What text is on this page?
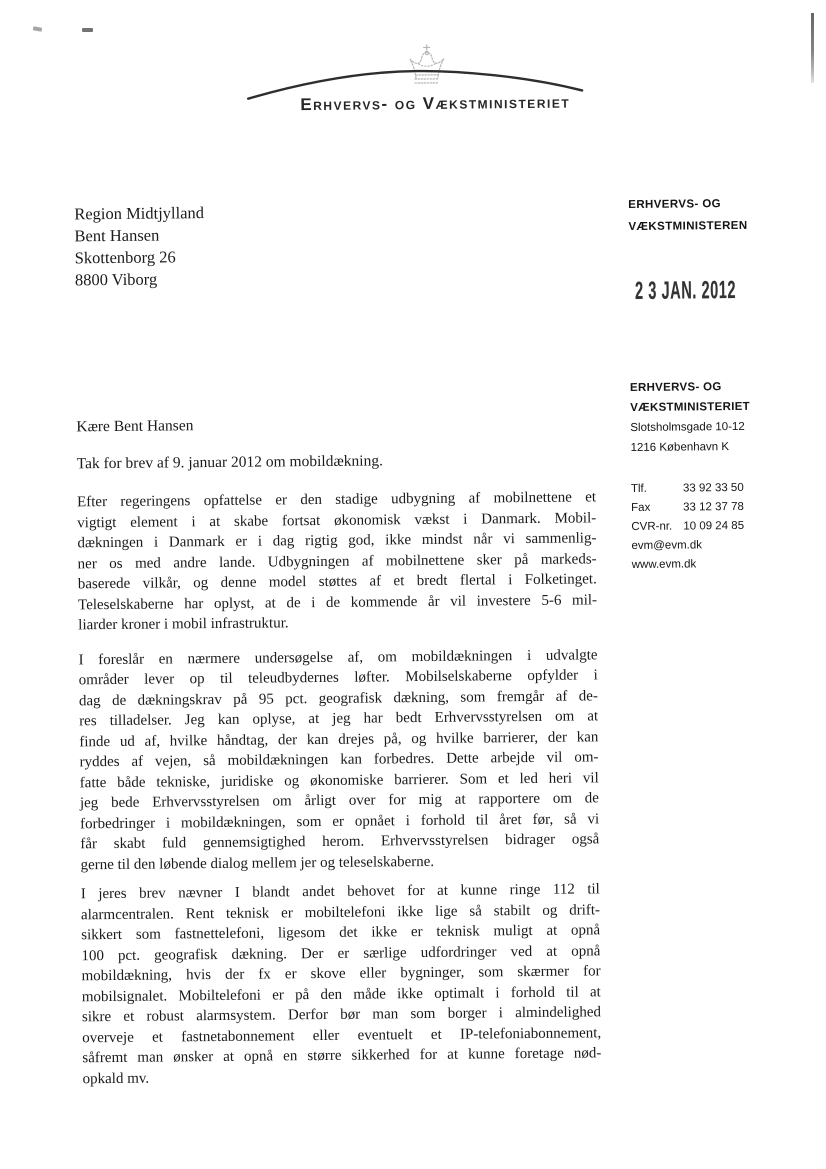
Erhvervs- og Vækstministeriet
Region Midtjylland
Bent Hansen
Skottenborg 26
8800 Viborg
ERHVERVS- OG
VÆKSTMINISTEREN
2 3 JAN. 2012
ERHVERVS- OG
VÆKSTMINISTERIET
Slotsholmsgade 10-12
1216 København K
Tlf.	33 92 33 50
Fax	33 12 37 78
CVR-nr. 10 09 24 85
evm@evm.dk
www.evm.dk
Kære Bent Hansen
Tak for brev af 9. januar 2012 om mobildækning.
Efter regeringens opfattelse er den stadige udbygning af mobilnettene et
vigtigt element i at skabe fortsat økonomisk vækst i Danmark. Mobil-
dækningen i Danmark er i dag rigtig god, ikke mindst når vi sammenlig-
ner os med andre lande. Udbygningen af mobilnettene sker på markeds-
baserede vilkår, og denne model støttes af et bredt flertal i Folketinget.
Teleselskaberne har oplyst, at de i de kommende år vil investere 5-6 mil-
liarder kroner i mobil infrastruktur.
I foreslår en nærmere undersøgelse af, om mobildækningen i udvalgte
områder lever op til teleudbydernes løfter. Mobilselskaberne opfylder i
dag de dækningskrav på 95 pct. geografisk dækning, som fremgår af de-
res tilladelser. Jeg kan oplyse, at jeg har bedt Erhvervsstyrelsen om at
finde ud af, hvilke håndtag, der kan drejes på, og hvilke barrierer, der kan
ryddes af vejen, så mobildækningen kan forbedres. Dette arbejde vil om-
fatte både tekniske, juridiske og økonomiske barrierer. Som et led heri vil
jeg bede Erhvervsstyrelsen om årligt over for mig at rapportere om de
forbedringer i mobildækningen, som er opnået i forhold til året før, så vi
får skabt fuld gennemsigtighed herom. Erhvervsstyrelsen bidrager også
gerne til den løbende dialog mellem jer og teleselskaberne.
I jeres brev nævner I blandt andet behovet for at kunne ringe 112 til
alarmcentralen. Rent teknisk er mobiltelefoni ikke lige så stabilt og drift-
sikkert som fastnettelefoni, ligesom det ikke er teknisk muligt at opnå
100 pct. geografisk dækning. Der er særlige udfordringer ved at opnå
mobildækning, hvis der fx er skove eller bygninger, som skærmer for
mobilsignalet. Mobiltelefoni er på den måde ikke optimalt i forhold til at
sikre et robust alarmsystem. Derfor bør man som borger i almindelighed
overveje et fastnetabonnement eller eventuelt et IP-telefoniabonnement,
såfremt man ønsker at opnå en større sikkerhed for at kunne foretage nød-
opkald mv.
